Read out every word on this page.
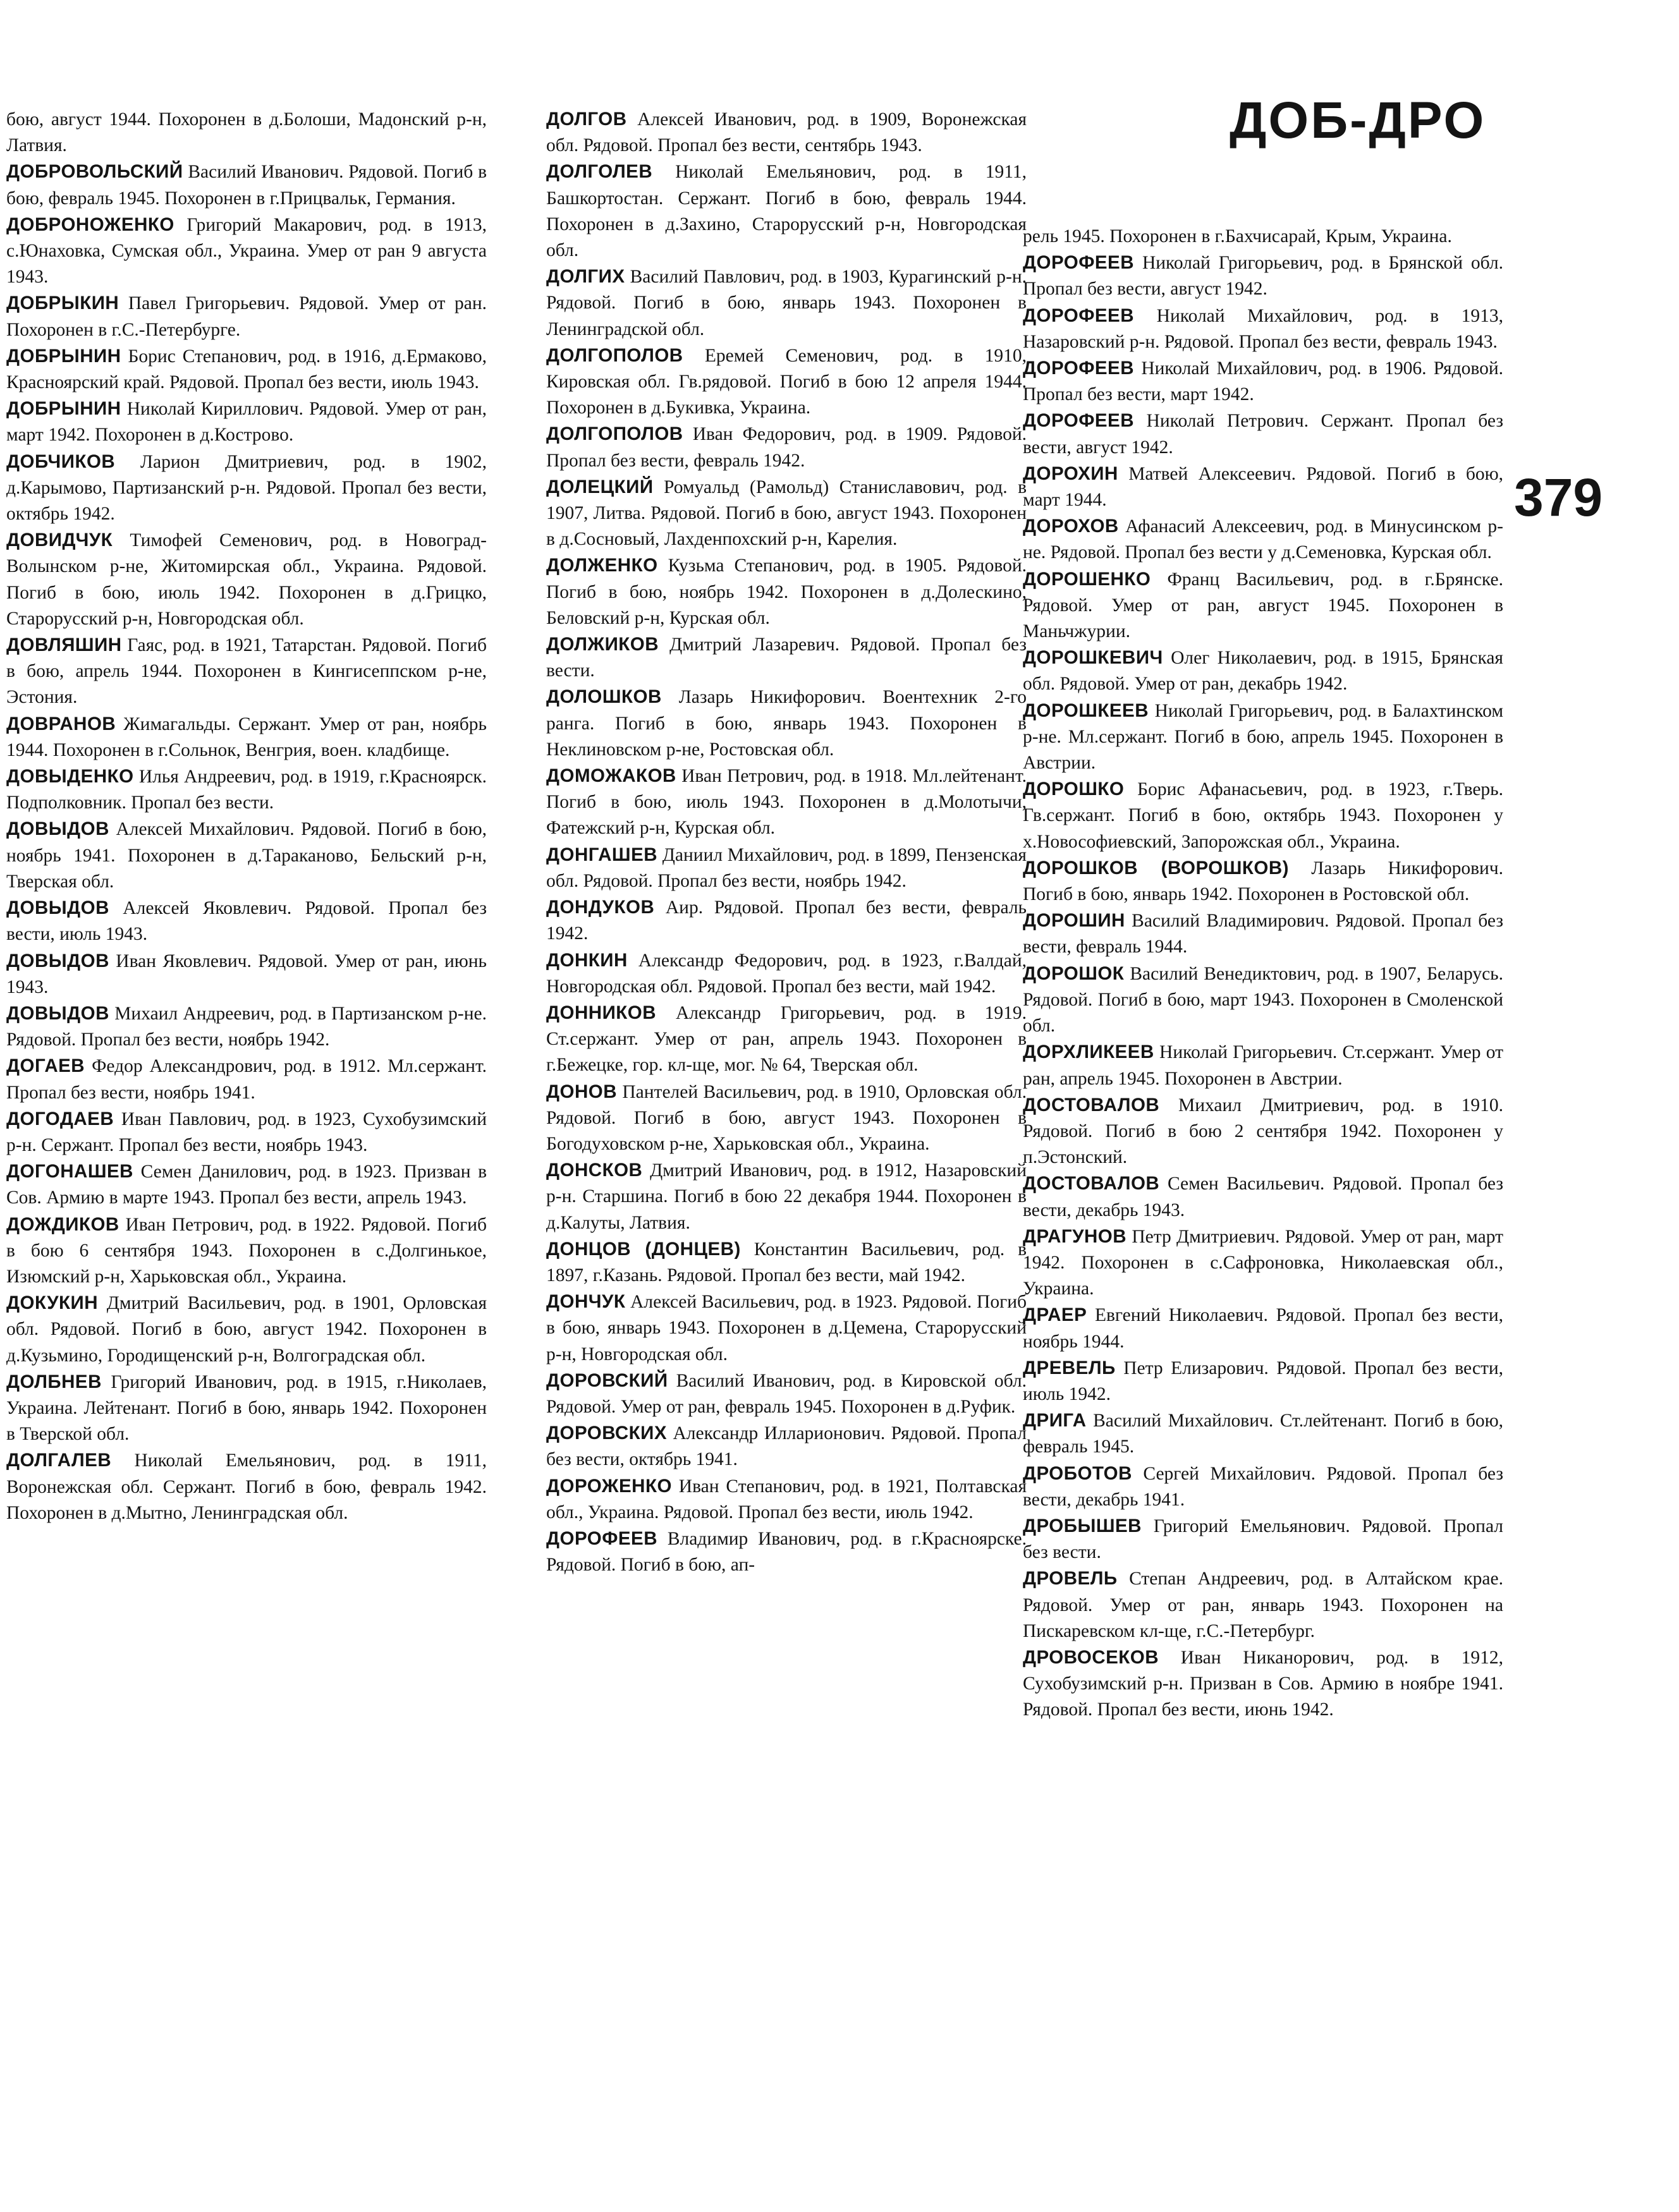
ДОБ-ДРО
379

бою, август 1944. Похоронен в д.Болоши, Мадонский р-н, Латвия.

ДОБРОВОЛЬСКИЙ Василий Иванович. Рядовой. Погиб в бою, февраль 1945. Похоронен в г.Прицвальк, Германия.

ДОБРОНОЖЕНКО Григорий Макарович, род. в 1913, с.Юнаховка, Сумская обл., Украина. Умер от ран 9 августа 1943.

ДОБРЫКИН Павел Григорьевич. Рядовой. Умер от ран. Похоронен в г.С.-Петербурге.

ДОБРЫНИН Борис Степанович, род. в 1916, д.Ермаково, Красноярский край. Рядовой. Пропал без вести, июль 1943.

ДОБРЫНИН Николай Кириллович. Рядовой. Умер от ран, март 1942. Похоронен в д.Кострово.

ДОБЧИКОВ Ларион Дмитриевич, род. в 1902, д.Карымово, Партизанский р-н. Рядовой. Пропал без вести, октябрь 1942.

ДОВИДЧУК Тимофей Семенович, род. в Новоград-Волынском р-не, Житомирская обл., Украина. Рядовой. Погиб в бою, июль 1942. Похоронен в д.Грицко, Старорусский р-н, Новгородская обл.

ДОВЛЯШИН Гаяс, род. в 1921, Татарстан. Рядовой. Погиб в бою, апрель 1944. Похоронен в Кингисеппском р-не, Эстония.

ДОВРАНОВ Жимагальды. Сержант. Умер от ран, ноябрь 1944. Похоронен в г.Сольнок, Венгрия, воен. кладбище.

ДОВЫДЕНКО Илья Андреевич, род. в 1919, г.Красноярск. Подполковник. Пропал без вести.

ДОВЫДОВ Алексей Михайлович. Рядовой. Погиб в бою, ноябрь 1941. Похоронен в д.Тараканово, Бельский р-н, Тверская обл.

ДОВЫДОВ Алексей Яковлевич. Рядовой. Пропал без вести, июль 1943.

ДОВЫДОВ Иван Яковлевич. Рядовой. Умер от ран, июнь 1943.

ДОВЫДОВ Михаил Андреевич, род. в Партизанском р-не. Рядовой. Пропал без вести, ноябрь 1942.

ДОГАЕВ Федор Александрович, род. в 1912. Мл.сержант. Пропал без вести, ноябрь 1941.

ДОГОДАЕВ Иван Павлович, род. в 1923, Сухобузимский р-н. Сержант. Пропал без вести, ноябрь 1943.

ДОГОНАШЕВ Семен Данилович, род. в 1923. Призван в Сов. Армию в марте 1943. Пропал без вести, апрель 1943.

ДОЖДИКОВ Иван Петрович, род. в 1922. Рядовой. Погиб в бою 6 сентября 1943. Похоронен в с.Долгинькое, Изюмский р-н, Харьковская обл., Украина.

ДОКУКИН Дмитрий Васильевич, род. в 1901, Орловская обл. Рядовой. Погиб в бою, август 1942. Похоронен в д.Кузьмино, Городищенский р-н, Волгоградская обл.

ДОЛБНЕВ Григорий Иванович, род. в 1915, г.Николаев, Украина. Лейтенант. Погиб в бою, январь 1942. Похоронен в Тверской обл.

ДОЛГАЛЕВ Николай Емельянович, род. в 1911, Воронежская обл. Сержант. Погиб в бою, февраль 1942. Похоронен в д.Мытно, Ленинградская обл.

ДОЛГОВ Алексей Иванович, род. в 1909, Воронежская обл. Рядовой. Пропал без вести, сентябрь 1943.

ДОЛГОЛЕВ Николай Емельянович, род. в 1911, Башкортостан. Сержант. Погиб в бою, февраль 1944. Похоронен в д.Захино, Старорусский р-н, Новгородская обл.

ДОЛГИХ Василий Павлович, род. в 1903, Курагинский р-н. Рядовой. Погиб в бою, январь 1943. Похоронен в Ленинградской обл.

ДОЛГОПОЛОВ Еремей Семенович, род. в 1910, Кировская обл. Гв.рядовой. Погиб в бою 12 апреля 1944. Похоронен в д.Букивка, Украина.

ДОЛГОПОЛОВ Иван Федорович, род. в 1909. Рядовой. Пропал без вести, февраль 1942.

ДОЛЕЦКИЙ Ромуальд (Рамольд) Станиславович, род. в 1907, Литва. Рядовой. Погиб в бою, август 1943. Похоронен в д.Сосновый, Лахденпохский р-н, Карелия.

ДОЛЖЕНКО Кузьма Степанович, род. в 1905. Рядовой. Погиб в бою, ноябрь 1942. Похоронен в д.Долескино, Беловский р-н, Курская обл.

ДОЛЖИКОВ Дмитрий Лазаревич. Рядовой. Пропал без вести.

ДОЛОШКОВ Лазарь Никифорович. Воентехник 2-го ранга. Погиб в бою, январь 1943. Похоронен в Неклиновском р-не, Ростовская обл.

ДОМОЖАКОВ Иван Петрович, род. в 1918. Мл.лейтенант. Погиб в бою, июль 1943. Похоронен в д.Молотычи, Фатежский р-н, Курская обл.

ДОНГАШЕВ Даниил Михайлович, род. в 1899, Пензенская обл. Рядовой. Пропал без вести, ноябрь 1942.

ДОНДУКОВ Аир. Рядовой. Пропал без вести, февраль 1942.

ДОНКИН Александр Федорович, род. в 1923, г.Валдай, Новгородская обл. Рядовой. Пропал без вести, май 1942.

ДОННИКОВ Александр Григорьевич, род. в 1919. Ст.сержант. Умер от ран, апрель 1943. Похоронен в г.Бежецке, гор. кл-ще, мог. № 64, Тверская обл.

ДОНОВ Пантелей Васильевич, род. в 1910, Орловская обл. Рядовой. Погиб в бою, август 1943. Похоронен в Богодуховском р-не, Харьковская обл., Украина.

ДОНСКОВ Дмитрий Иванович, род. в 1912, Назаровский р-н. Старшина. Погиб в бою 22 декабря 1944. Похоронен в д.Калуты, Латвия.

ДОНЦОВ (ДОНЦЕВ) Константин Васильевич, род. в 1897, г.Казань. Рядовой. Пропал без вести, май 1942.

ДОНЧУК Алексей Васильевич, род. в 1923. Рядовой. Погиб в бою, январь 1943. Похоронен в д.Цемена, Старорусский р-н, Новгородская обл.

ДОРОВСКИЙ Василий Иванович, род. в Кировской обл. Рядовой. Умер от ран, февраль 1945. Похоронен в д.Руфик.

ДОРОВСКИХ Александр Илларионович. Рядовой. Пропал без вести, октябрь 1941.

ДОРОЖЕНКО Иван Степанович, род. в 1921, Полтавская обл., Украина. Рядовой. Пропал без вести, июль 1942.

ДОРОФЕЕВ Владимир Иванович, род. в г.Красноярске. Рядовой. Погиб в бою, ап-

рель 1945. Похоронен в г.Бахчисарай, Крым, Украина.

ДОРОФЕЕВ Николай Григорьевич, род. в Брянской обл. Пропал без вести, август 1942.

ДОРОФЕЕВ Николай Михайлович, род. в 1913, Назаровский р-н. Рядовой. Пропал без вести, февраль 1943.

ДОРОФЕЕВ Николай Михайлович, род. в 1906. Рядовой. Пропал без вести, март 1942.

ДОРОФЕЕВ Николай Петрович. Сержант. Пропал без вести, август 1942.

ДОРОХИН Матвей Алексеевич. Рядовой. Погиб в бою, март 1944.

ДОРОХОВ Афанасий Алексеевич, род. в Минусинском р-не. Рядовой. Пропал без вести у д.Семеновка, Курская обл.

ДОРОШЕНКО Франц Васильевич, род. в г.Брянске. Рядовой. Умер от ран, август 1945. Похоронен в Маньчжурии.

ДОРОШКЕВИЧ Олег Николаевич, род. в 1915, Брянская обл. Рядовой. Умер от ран, декабрь 1942.

ДОРОШКЕЕВ Николай Григорьевич, род. в Балахтинском р-не. Мл.сержант. Погиб в бою, апрель 1945. Похоронен в Австрии.

ДОРОШКО Борис Афанасьевич, род. в 1923, г.Тверь. Гв.сержант. Погиб в бою, октябрь 1943. Похоронен у х.Новософиевский, Запорожская обл., Украина.

ДОРОШКОВ (ВОРОШКОВ) Лазарь Никифорович. Погиб в бою, январь 1942. Похоронен в Ростовской обл.

ДОРОШИН Василий Владимирович. Рядовой. Пропал без вести, февраль 1944.

ДОРОШОК Василий Венедиктович, род. в 1907, Беларусь. Рядовой. Погиб в бою, март 1943. Похоронен в Смоленской обл.

ДОРХЛИКЕЕВ Николай Григорьевич. Ст.сержант. Умер от ран, апрель 1945. Похоронен в Австрии.

ДОСТОВАЛОВ Михаил Дмитриевич, род. в 1910. Рядовой. Погиб в бою 2 сентября 1942. Похоронен у п.Эстонский.

ДОСТОВАЛОВ Семен Васильевич. Рядовой. Пропал без вести, декабрь 1943.

ДРАГУНОВ Петр Дмитриевич. Рядовой. Умер от ран, март 1942. Похоронен в с.Сафроновка, Николаевская обл., Украина.

ДРАЕР Евгений Николаевич. Рядовой. Пропал без вести, ноябрь 1944.

ДРЕВЕЛЬ Петр Елизарович. Рядовой. Пропал без вести, июль 1942.

ДРИГА Василий Михайлович. Ст.лейтенант. Погиб в бою, февраль 1945.

ДРОБОТОВ Сергей Михайлович. Рядовой. Пропал без вести, декабрь 1941.

ДРОБЫШЕВ Григорий Емельянович. Рядовой. Пропал без вести.

ДРОВЕЛЬ Степан Андреевич, род. в Алтайском крае. Рядовой. Умер от ран, январь 1943. Похоронен на Пискаревском кл-ще, г.С.-Петербург.

ДРОВОСЕКОВ Иван Никанорович, род. в 1912, Сухобузимский р-н. Призван в Сов. Армию в ноябре 1941. Рядовой. Пропал без вести, июнь 1942.
